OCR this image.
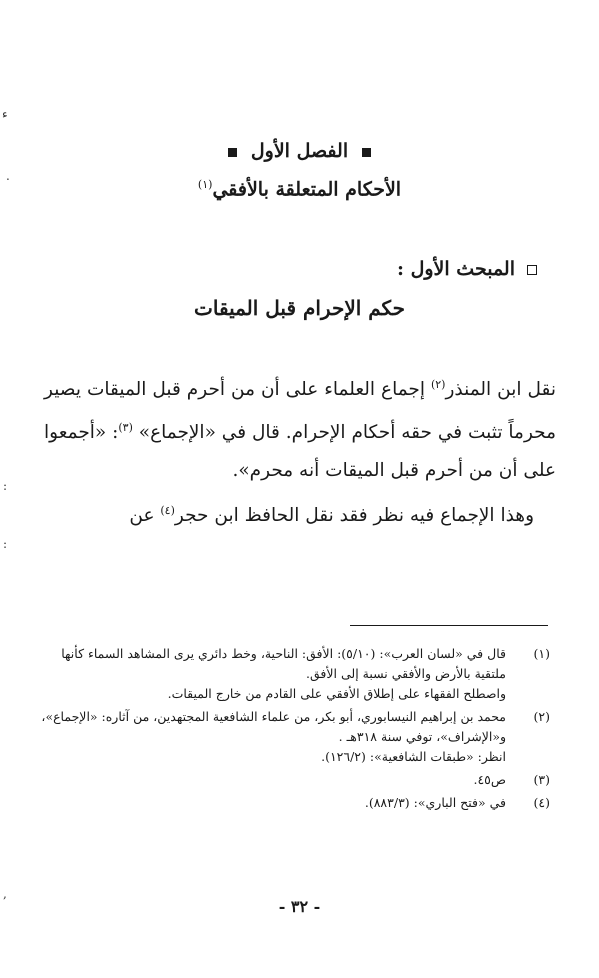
الفصل الأول
الأحكام المتعلقة بالأفقي$^{(١)}$
المبحث الأول :
حكم الإحرام قبل الميقات

نقل ابن المنذر$^{(٢)}$ إجماع العلماء على أن من أحرم قبل الميقات يصير محرماً تثبت في حقه أحكام الإحرام. قال في «الإجماع» $^{(٣)}$: «أجمعوا على أن من أحرم قبل الميقات أنه محرم».

وهذا الإجماع فيه نظر فقد نقل الحافظ ابن حجر$^{(٤)}$ عن

(١)

قال في «لسان العرب»: (٥/١٠): الأفق: الناحية، وخط دائري يرى المشاهد السماء كأنها ملتقية بالأرض والأفقي نسبة إلى الأفق.

واصطلح الفقهاء على إطلاق الأفقي على القادم من خارج الميقات.

(٢)

محمد بن إبراهيم النيسابوري، أبو بكر، من علماء الشافعية المجتهدين، من آثاره: «الإجماع»، و«الإشراف»، توفي سنة ٣١٨هـ .

انظر: «طبقات الشافعية»: (١٢٦/٢).

(٣)

ص٤٥.

(٤)

في «فتح الباري»: (٨٨٣/٣).

- ٣٢ -
ء
.
:
:
,
